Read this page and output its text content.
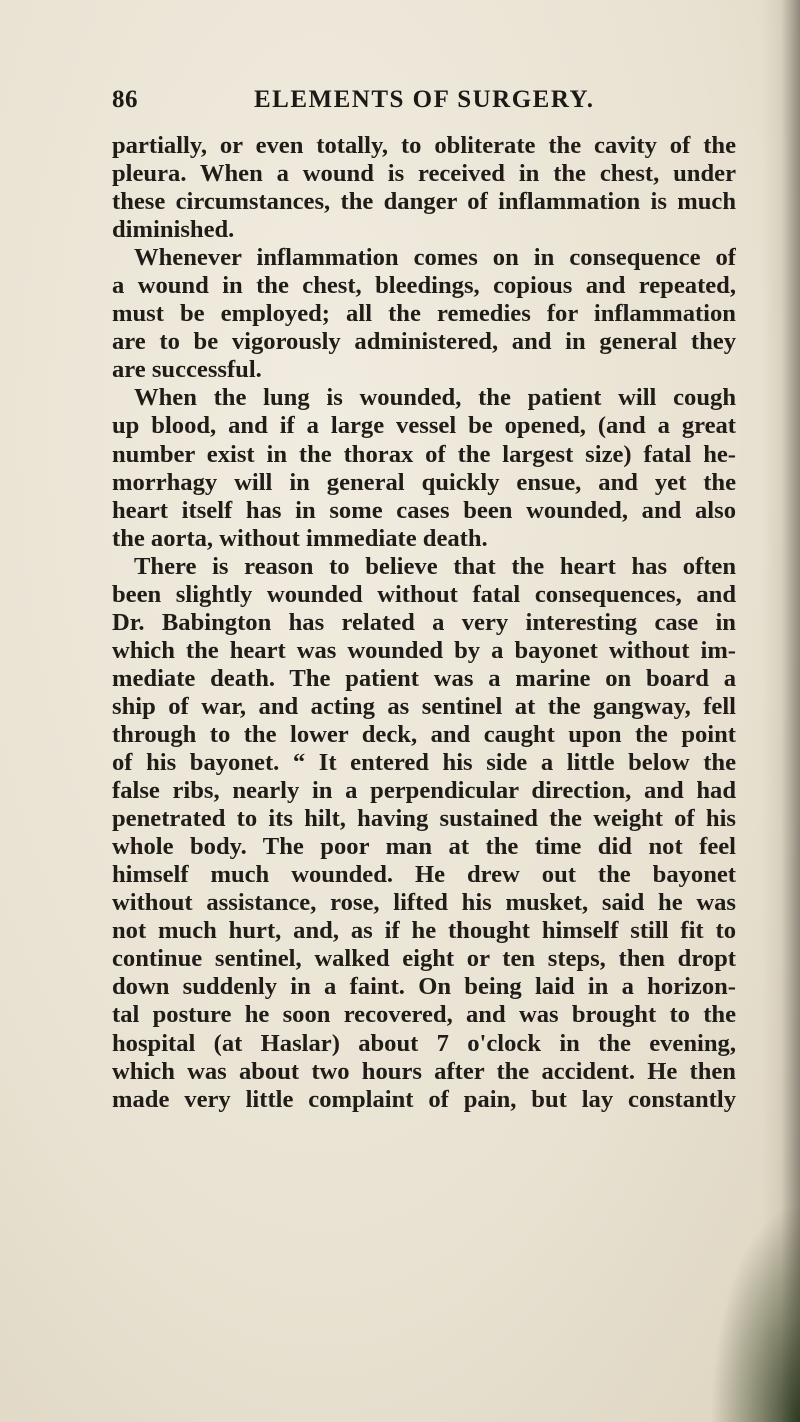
86	ELEMENTS OF SURGERY.
partially, or even totally, to obliterate the cavity of the
pleura. When a wound is received in the chest, under
these circumstances, the danger of inflammation is much
diminished.
Whenever inflammation comes on in consequence of
a wound in the chest, bleedings, copious and repeated,
must be employed; all the remedies for inflammation
are to be vigorously administered, and in general they
are successful.
When the lung is wounded, the patient will cough
up blood, and if a large vessel be opened, (and a great
number exist in the thorax of the largest size) fatal he-
morrhagy will in general quickly ensue, and yet the
heart itself has in some cases been wounded, and also
the aorta, without immediate death.
There is reason to believe that the heart has often
been slightly wounded without fatal consequences, and
Dr. Babington has related a very interesting case in
which the heart was wounded by a bayonet without im-
mediate death. The patient was a marine on board a
ship of war, and acting as sentinel at the gangway, fell
through to the lower deck, and caught upon the point
of his bayonet. “ It entered his side a little below the
false ribs, nearly in a perpendicular direction, and had
penetrated to its hilt, having sustained the weight of his
whole body. The poor man at the time did not feel
himself much wounded. He drew out the bayonet
without assistance, rose, lifted his musket, said he was
not much hurt, and, as if he thought himself still fit to
continue sentinel, walked eight or ten steps, then dropt
down suddenly in a faint. On being laid in a horizon-
tal posture he soon recovered, and was brought to the
hospital (at Haslar) about 7 o'clock in the evening,
which was about two hours after the accident. He then
made very little complaint of pain, but lay constantly
